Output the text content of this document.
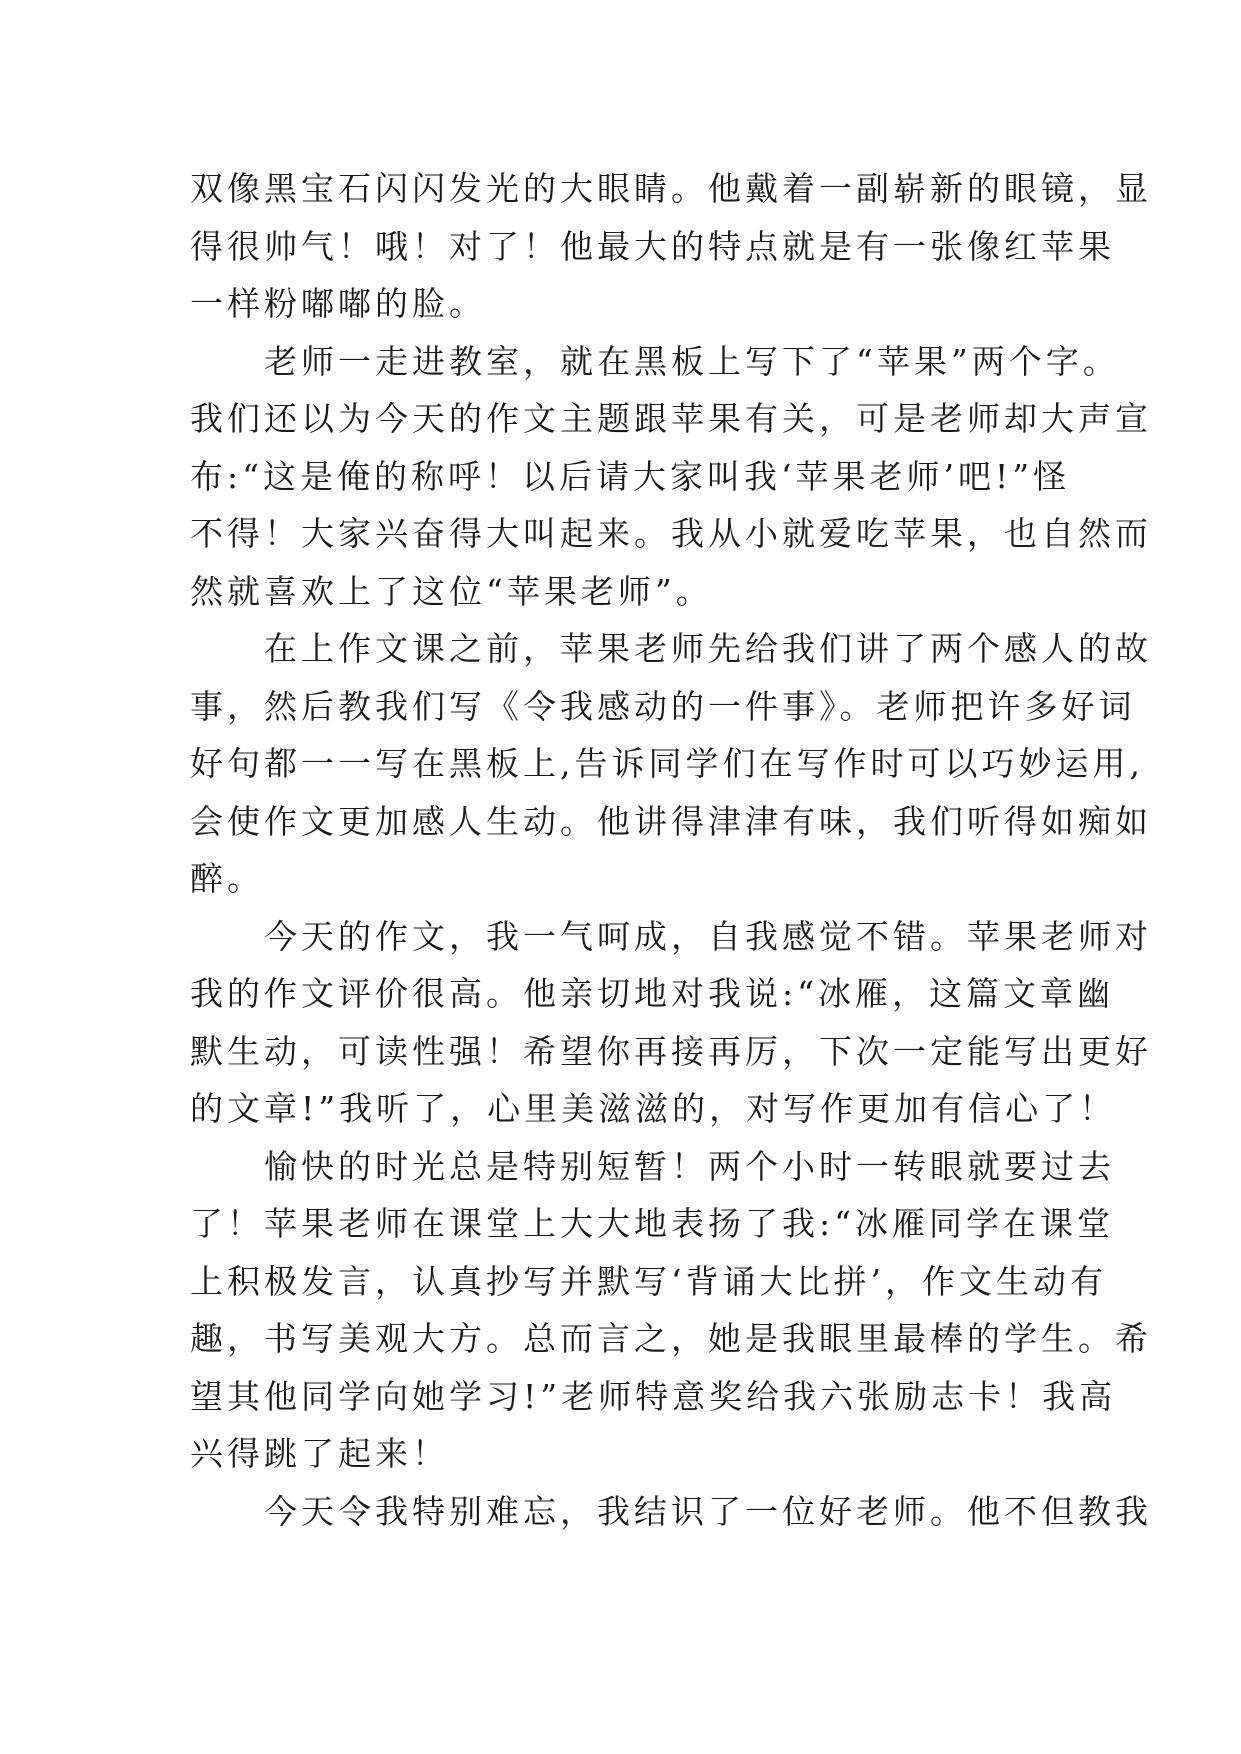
双像黑宝石闪闪发光的大眼睛。他戴着一副崭新的眼镜，显
得很帅气！哦！对了！他最大的特点就是有一张像红苹果
一样粉嘟嘟的脸。
　　老师一走进教室，就在黑板上写下了“苹果”两个字。
我们还以为今天的作文主题跟苹果有关，可是老师却大声宣
布:“这是俺的称呼！以后请大家叫我‘苹果老师’吧!”怪
不得！大家兴奋得大叫起来。我从小就爱吃苹果，也自然而
然就喜欢上了这位“苹果老师”。
　　在上作文课之前，苹果老师先给我们讲了两个感人的故
事，然后教我们写《令我感动的一件事》。老师把许多好词
好句都一一写在黑板上,告诉同学们在写作时可以巧妙运用,
会使作文更加感人生动。他讲得津津有味，我们听得如痴如
醉。
　　今天的作文，我一气呵成，自我感觉不错。苹果老师对
我的作文评价很高。他亲切地对我说:“冰雁，这篇文章幽
默生动，可读性强！希望你再接再厉，下次一定能写出更好
的文章!”我听了，心里美滋滋的，对写作更加有信心了！
　　愉快的时光总是特别短暂！两个小时一转眼就要过去
了！苹果老师在课堂上大大地表扬了我:“冰雁同学在课堂
上积极发言，认真抄写并默写‘背诵大比拼’，作文生动有
趣，书写美观大方。总而言之，她是我眼里最棒的学生。希
望其他同学向她学习!”老师特意奖给我六张励志卡！我高
兴得跳了起来！
　　今天令我特别难忘，我结识了一位好老师。他不但教我
